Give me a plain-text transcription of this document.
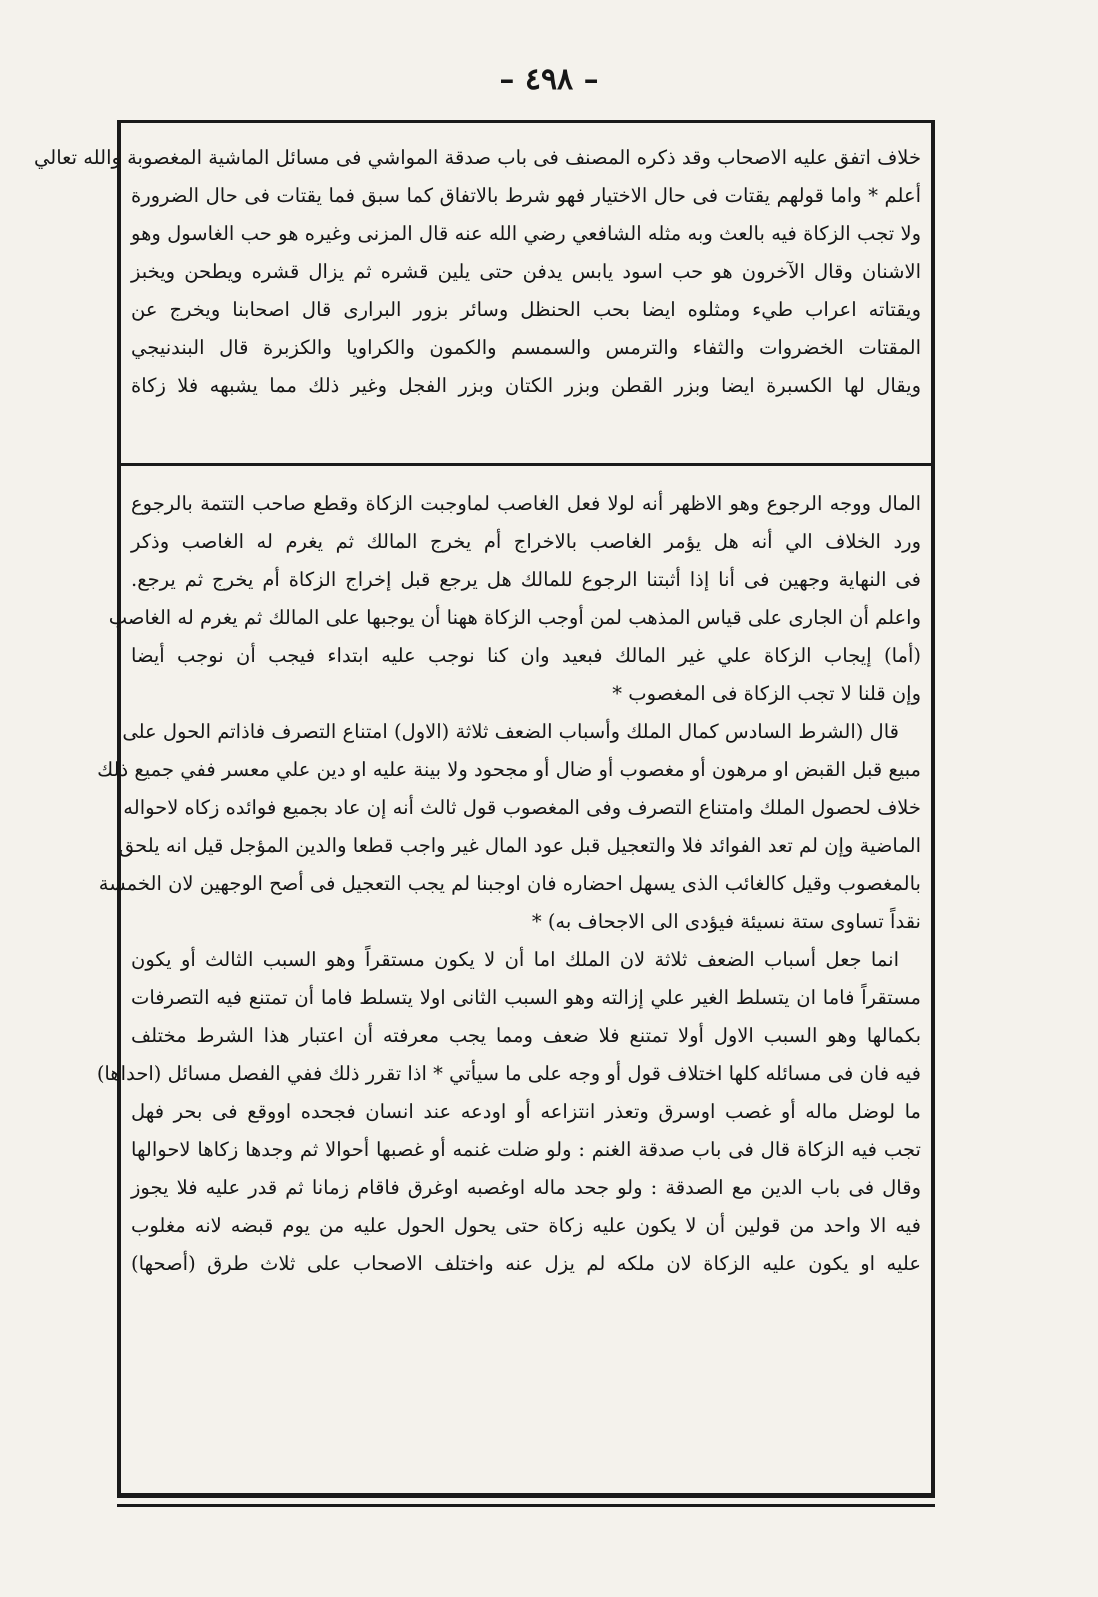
– ٤٩٨ –
خلاف اتفق عليه الاصحاب وقد ذكره المصنف فى باب صدقة المواشي فى مسائل الماشية المغصوبة والله تعالي
أعلم * واما قولهم يقتات فى حال الاختيار فهو شرط بالاتفاق كما سبق فما يقتات فى حال الضرورة
ولا تجب الزكاة فيه بالعث وبه مثله الشافعي رضي الله عنه قال المزنى وغيره هو حب الغاسول وهو
الاشنان وقال الآخرون هو حب اسود يابس يدفن حتى يلين قشره ثم يزال قشره ويطحن ويخبز
ويقتاته اعراب طيء ومثلوه ايضا بحب الحنظل وسائر بزور البرارى قال اصحابنا ويخرج عن
المقتات الخضروات والثفاء والترمس والسمسم والكمون والكراويا والكزبرة قال البندنيجي
ويقال لها الكسبرة ايضا وبزر القطن وبزر الكتان وبزر الفجل وغير ذلك مما يشبهه فلا زكاة
المال ووجه الرجوع وهو الاظهر أنه لولا فعل الغاصب لماوجبت الزكاة وقطع صاحب التتمة بالرجوع
ورد الخلاف الي أنه هل يؤمر الغاصب بالاخراج أم يخرج المالك ثم يغرم له الغاصب وذكر
فى النهاية وجهين فى أنا إذا أثبتنا الرجوع للمالك هل يرجع قبل إخراج الزكاة أم يخرج ثم يرجع.
واعلم أن الجارى على قياس المذهب لمن أوجب الزكاة ههنا أن يوجبها على المالك ثم يغرم له الغاصب
(أما) إيجاب الزكاة علي غير المالك فبعيد وان كنا نوجب عليه ابتداء فيجب أن نوجب أيضا
وإن قلنا لا تجب الزكاة فى المغصوب *
قال (الشرط السادس كمال الملك وأسباب الضعف ثلاثة (الاول) امتناع التصرف فاذاتم الحول على
مبيع قبل القبض او مرهون أو مغصوب أو ضال أو مجحود ولا بينة عليه او دين علي معسر ففي جميع ذلك
خلاف لحصول الملك وامتناع التصرف وفى المغصوب قول ثالث أنه إن عاد بجميع فوائده زكاه لاحواله
الماضية وإن لم تعد الفوائد فلا والتعجيل قبل عود المال غير واجب قطعا والدين المؤجل قيل انه يلحق
بالمغصوب وقيل كالغائب الذى يسهل احضاره فان اوجبنا لم يجب التعجيل فى أصح الوجهين لان الخمسة
نقداً تساوى ستة نسيئة فيؤدى الى الاجحاف به) *
انما جعل أسباب الضعف ثلاثة لان الملك اما أن لا يكون مستقراً وهو السبب الثالث أو يكون
مستقراً فاما ان يتسلط الغير علي إزالته وهو السبب الثانى اولا يتسلط فاما أن تمتنع فيه التصرفات
بكمالها وهو السبب الاول أولا تمتنع فلا ضعف ومما يجب معرفته أن اعتبار هذا الشرط مختلف
فيه فان فى مسائله كلها اختلاف قول أو وجه على ما سيأتي * اذا تقرر ذلك ففي الفصل مسائل (احداها)
ما لوضل ماله أو غصب اوسرق وتعذر انتزاعه أو اودعه عند انسان فجحده اووقع فى بحر فهل
تجب فيه الزكاة قال فى باب صدقة الغنم : ولو ضلت غنمه أو غصبها أحوالا ثم وجدها زكاها لاحوالها
وقال فى باب الدين مع الصدقة : ولو جحد ماله اوغصبه اوغرق فاقام زمانا ثم قدر عليه فلا يجوز
فيه الا واحد من قولين أن لا يكون عليه زكاة حتى يحول الحول عليه من يوم قبضه لانه مغلوب
عليه او يكون عليه الزكاة لان ملكه لم يزل عنه واختلف الاصحاب على ثلاث طرق (أصحها)
